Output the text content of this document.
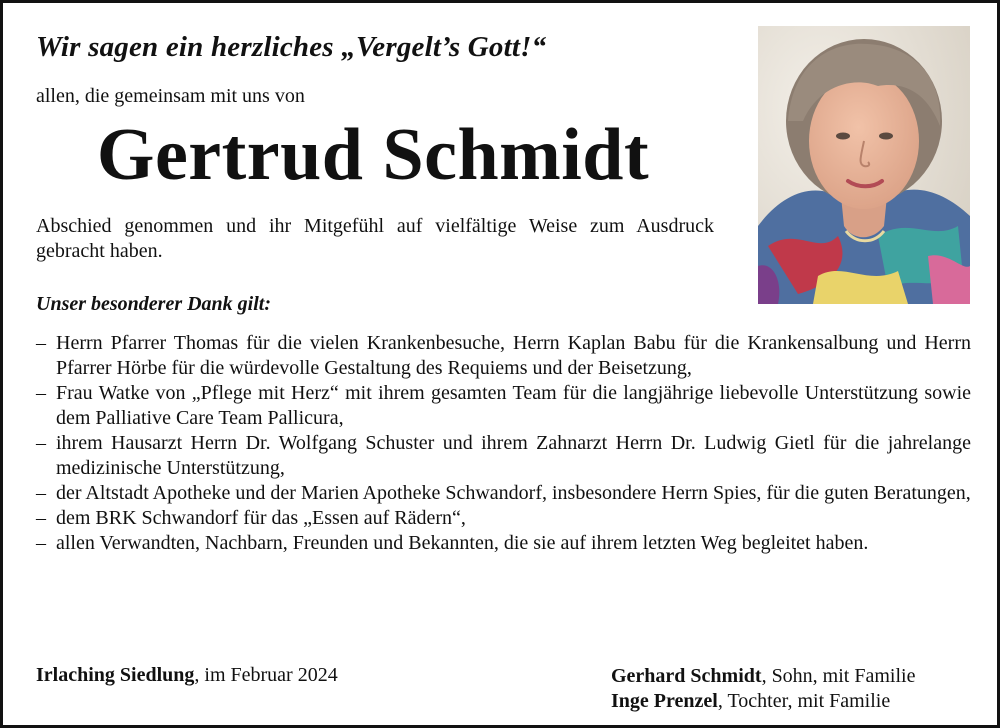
Wir sagen ein herzliches „Vergelt’s Gott!“
allen, die gemeinsam mit uns von
Gertrud Schmidt
Abschied genommen und ihr Mitgefühl auf vielfältige Weise zum Ausdruck gebracht haben.
Unser besonderer Dank gilt:
– Herrn Pfarrer Thomas für die vielen Krankenbesuche, Herrn Kaplan Babu für die Krankensalbung und Herrn Pfarrer Hörbe für die würdevolle Gestaltung des Requiems und der Beisetzung,
– Frau Watke von „Pflege mit Herz“ mit ihrem gesamten Team für die langjährige liebevolle Unterstützung sowie dem Palliative Care Team Pallicura,
– ihrem Hausarzt Herrn Dr. Wolfgang Schuster und ihrem Zahnarzt Herrn Dr. Ludwig Gietl für die jahrelange medizinische Unterstützung,
– der Altstadt Apotheke und der Marien Apotheke Schwandorf, insbesondere Herrn Spies, für die guten Beratungen,
– dem BRK Schwandorf für das „Essen auf Rädern“,
– allen Verwandten, Nachbarn, Freunden und Bekannten, die sie auf ihrem letzten Weg begleitet haben.
Irlaching Siedlung, im Februar 2024	Gerhard Schmidt, Sohn, mit Familie
Inge Prenzel, Tochter, mit Familie
